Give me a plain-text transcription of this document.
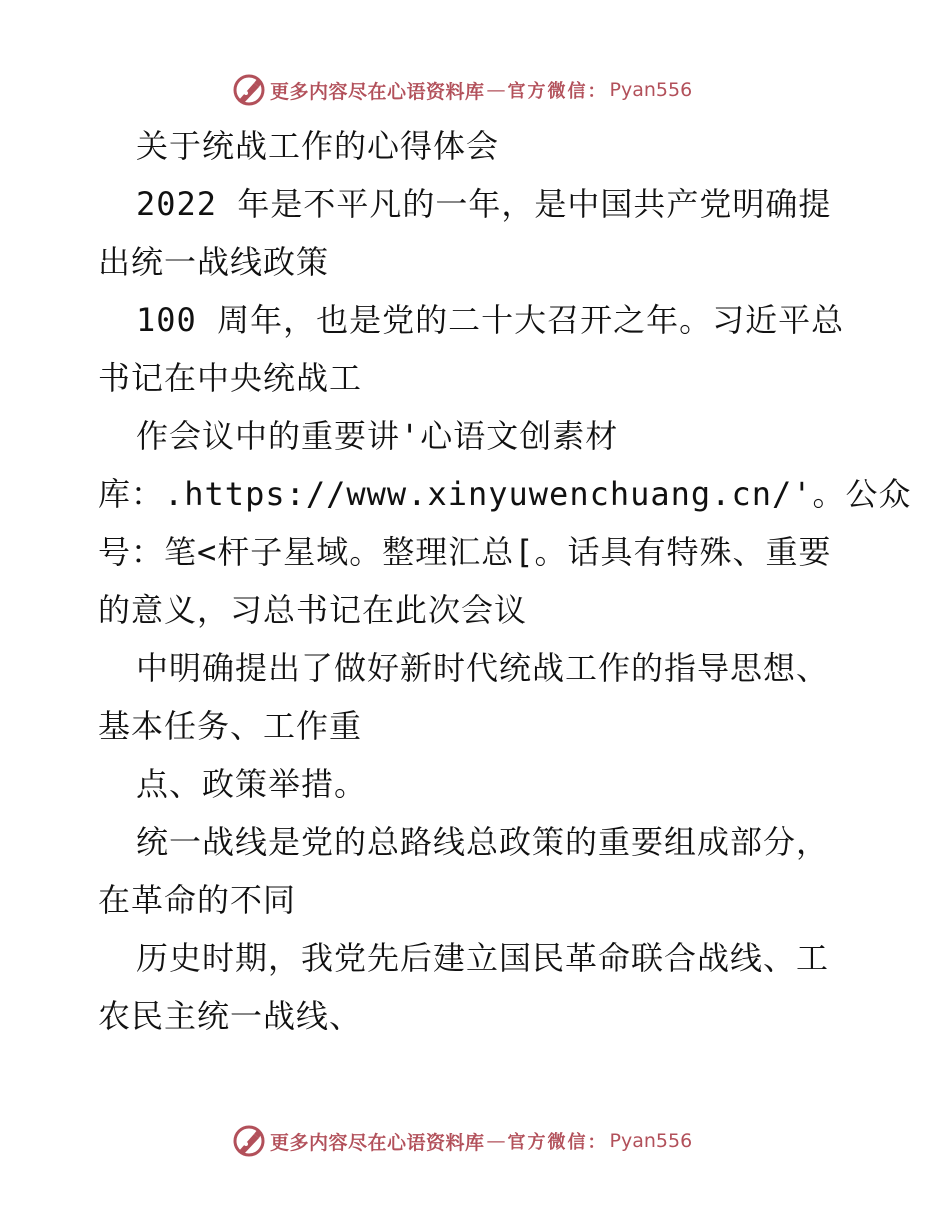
更多内容尽在心语资料库 — 官方微信： Pyan556

关于统战工作的心得体会

2022 年是不平凡的一年，是中国共产党明确提

出统一战线政策

100 周年，也是党的二十大召开之年。习近平总

书记在中央统战工

作会议中的重要讲'心语文创素材

库：.https://www.xinyuwenchuang.cn/'。公众

号：笔<杆子星域。整理汇总[。话具有特殊、重要

的意义，习总书记在此次会议

中明确提出了做好新时代统战工作的指导思想、

基本任务、工作重

点、政策举措。

统一战线是党的总路线总政策的重要组成部分，

在革命的不同

历史时期，我党先后建立国民革命联合战线、工

农民主统一战线、

更多内容尽在心语资料库 — 官方微信： Pyan556
